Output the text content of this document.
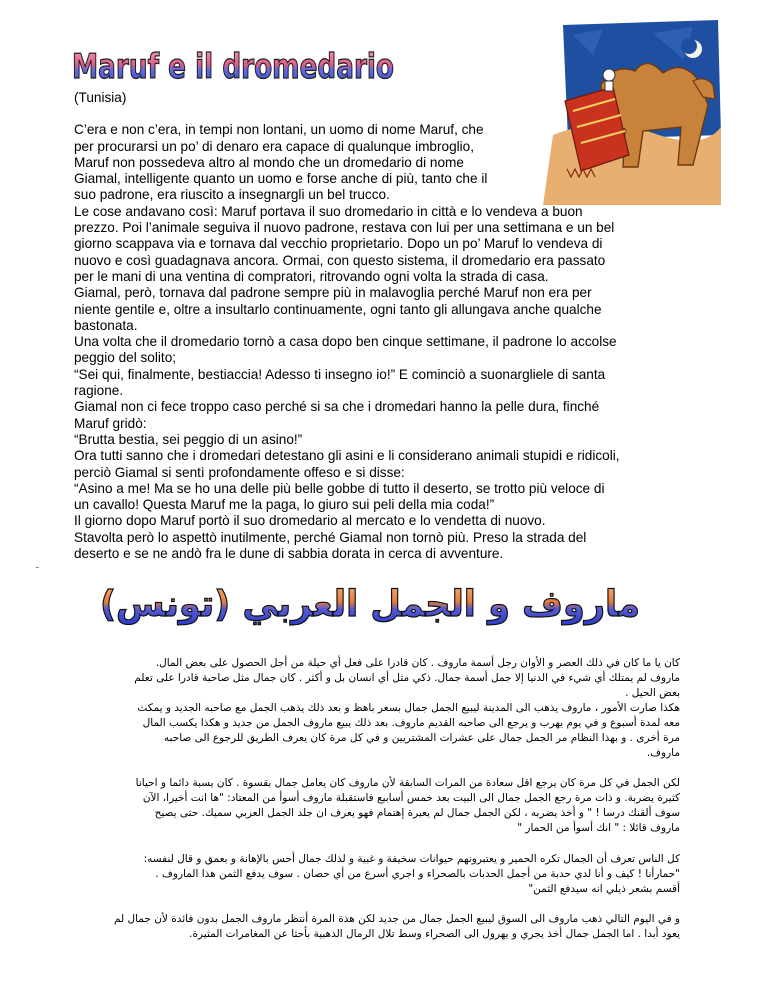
Maruf e il dromedario

(Tunisia)

C’era e non c’era, in tempi non lontani, un uomo di nome Maruf, che

per procurarsi un po’ di denaro era capace di qualunque imbroglio,

Maruf non possedeva altro al mondo che un dromedario di nome

Giamal, intelligente quanto un uomo e forse anche di più, tanto che il

suo padrone, era riuscito a insegnargli un bel trucco.

Le cose andavano così: Maruf portava il suo dromedario in città e lo vendeva a buon

prezzo. Poi l’animale seguiva il nuovo padrone, restava con lui per una settimana e un bel

giorno scappava via e tornava dal vecchio proprietario. Dopo un po’ Maruf lo vendeva di

nuovo e così guadagnava ancora. Ormai, con questo sistema, il dromedario era passato

per le mani di una ventina di compratori, ritrovando ogni volta la strada di casa.

Giamal, però, tornava dal padrone sempre più in malavoglia perché Maruf non era per

niente gentile e, oltre a insultarlo continuamente, ogni tanto gli allungava anche qualche

bastonata.

Una volta che il dromedario tornò a casa dopo ben cinque settimane, il padrone lo accolse

peggio del solito;

“Sei qui, finalmente, bestiaccia! Adesso ti insegno io!” E cominciò a suonargliele di santa

ragione.

Giamal non ci fece troppo caso perché si sa che i dromedari hanno la pelle dura, finché

Maruf gridò:

“Brutta bestia, sei peggio di un asino!”

Ora tutti sanno che i dromedari detestano gli asini e li considerano animali stupidi e ridicoli,

perciò Giamal si sentì profondamente offeso e si disse:

“Asino a me! Ma se ho una delle più belle gobbe di tutto il deserto, se trotto più veloce di

un cavallo! Questa Maruf me la paga, lo giuro sui peli della mia coda!”

Il giorno dopo Maruf portò il suo dromedario al mercato e lo vendetta di nuovo.

Stavolta però lo aspettò inutilmente, perché Giamal non tornò più. Preso la strada del

deserto e se ne andò fra le dune di sabbia dorata in cerca di avventure.

ـ
ماروف و الجمل العربي (تونس)

كان يا ما كان في ذلك العصر و الأوان رجل أسمة ماروف . كان قادرا على فعل أي حيلة من أجل الحصول على بعض المال.

ماروف لم يمتلك أي شيء في الدنيا إلا جمل أسمة جمال. ذكي مثل أي انسان بل و أكثر . كان جمال مثل صاحبة قادرا على تعلم

بعض الحيل .

هكذا صارت الأمور ، ماروف يذهب الى المدينة ليبيع الجمل جمال بسعر باهظ و بعد ذلك يذهب الجمل مع صاحبه الجديد و يمكث

معه لمدة أسبوع و في يوم يهرب و يرجع الى صاحبه القديم ماروف. بعد ذلك يبيع ماروف الجمل من جديد و هكذا يكسب المال

مرة أخرى . و بهذا النظام مر الجمل جمال على عشرات المشتريين و في كل مرة كان يعرف الطريق للرجوع الى صاحبه

ماروف.

لكن الجمل في كل مرة كان يرجع اقل سعادة من المرات السابقة لأن ماروف كان يعامل جمال بقسوة . كان يسبة دائما و احيانا

كثيرة يضربة. و ذات مرة رجع الجمل جمال الى البيت بعد خمس أسابيع فاستقبلة ماروف أسوأ من المعتاد: "ها انت أخيرا، الآن

سوف ألقنك درسا ! " و أخذ يضربه ، لكن الجمل جمال لم يعيرة إهتمام فهو يعرف ان جلد الجمل العربي سميك. حتى يصيح

ماروف قائلا : " انك أسوأ من الحمار "

كل الناس تعرف أن الجمال تكره الحمير و يعتبرونهم حيوانات سخيفة و غبية و لذلك جمال أحس بالإهانة و بعمق و قال لنفسه:

"حمارأنا ! كيف و أنا لدي حدبة من أجمل الحدبات بالصحراء و اجري أسرع من أي حصان . سوف يدفع الثمن هذا الماروف .

أقسم بشعر ذيلي انه سيدفع الثمن"

و في اليوم التالي ذهب ماروف الى السوق ليبيع الجمل جمال من جديد لكن هذة المرة أنتظر ماروف الجمل بدون فائدة لأن جمال لم

يعود أبدا . اما الجمل جمال أخذ يجري و يهرول الى الصحراء وسط تلال الرمال الذهبية بأحثا عن المغامرات المثيرة.
